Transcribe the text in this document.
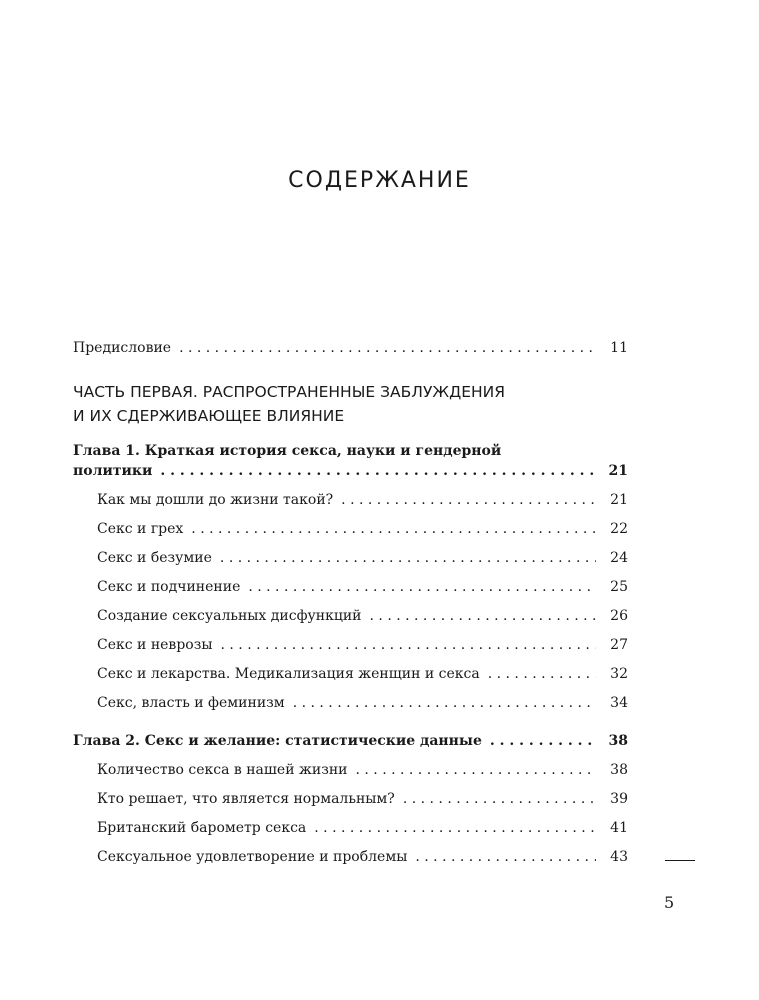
СОДЕРЖАНИЕ
Предисловие . . .	11
ЧАСТЬ ПЕРВАЯ. РАСПРОСТРАНЕННЫЕ ЗАБЛУЖДЕНИЯ
И ИХ СДЕРЖИВАЮЩЕЕ ВЛИЯНИЕ
Глава 1. Краткая история секса, науки и гендерной
политики . . .	21
Как мы дошли до жизни такой? . . .	21
Секс и грех . . .	22
Секс и безумие . . .	24
Секс и подчинение . . .	25
Создание сексуальных дисфункций . . .	26
Секс и неврозы . . .	27
Секс и лекарства. Медикализация женщин и секса . . .	32
Секс, власть и феминизм . . .	34
Глава 2. Секс и желание: статистические данные . . .	38
Количество секса в нашей жизни . . .	38
Кто решает, что является нормальным? . . .	39
Британский барометр секса . . .	41
Сексуальное удовлетворение и проблемы . . .	43
5
